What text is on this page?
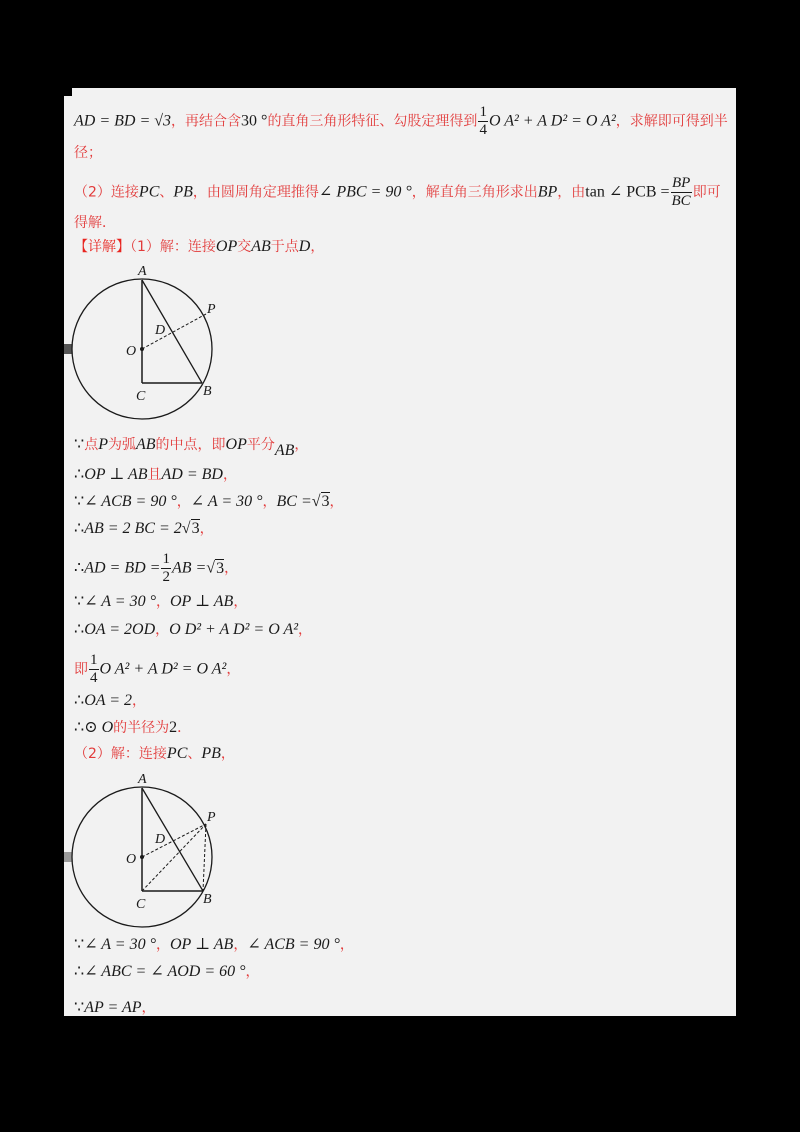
AD = BD = √3，再结合含30 °的直角三角形特征、勾股定理得到 $\frac{1}{4}$ O A² + A D² = O A²，求解即可得到半
径；
（2）连接PC、PB，由圆周角定理推得∠ PBC = 90 °，解直角三角形求出BP，由tan ∠ PCB = $\frac{BP}{BC}$ 即可
得解．
【详解】（1）解：连接OP交AB于点D，
A
P
D
O
C	B
∵点P为弧AB的中点，即OP平分AB，
∴OP ⊥ AB且AD = BD，
∵∠ ACB = 90 °，∠ A = 30 °，BC =√3，
∴AB = 2 BC = 2√3，
∴AD = BD = $\frac{1}{2}$ AB =√3，
∵∠ A = 30 °，OP ⊥ AB，
∴OA = 2OD，O D² + A D² = O A²，
即 $\frac{1}{4}$ O A² + A D² = O A²，
∴OA = 2，
∴⊙ O的半径为2．
（2）解：连接PC、PB，
A
P
D
O
C	B
∵∠ A = 30 °，OP ⊥ AB，∠ ACB = 90 °，
∴∠ ABC = ∠ AOD = 60 °，
∵AP = AP，
